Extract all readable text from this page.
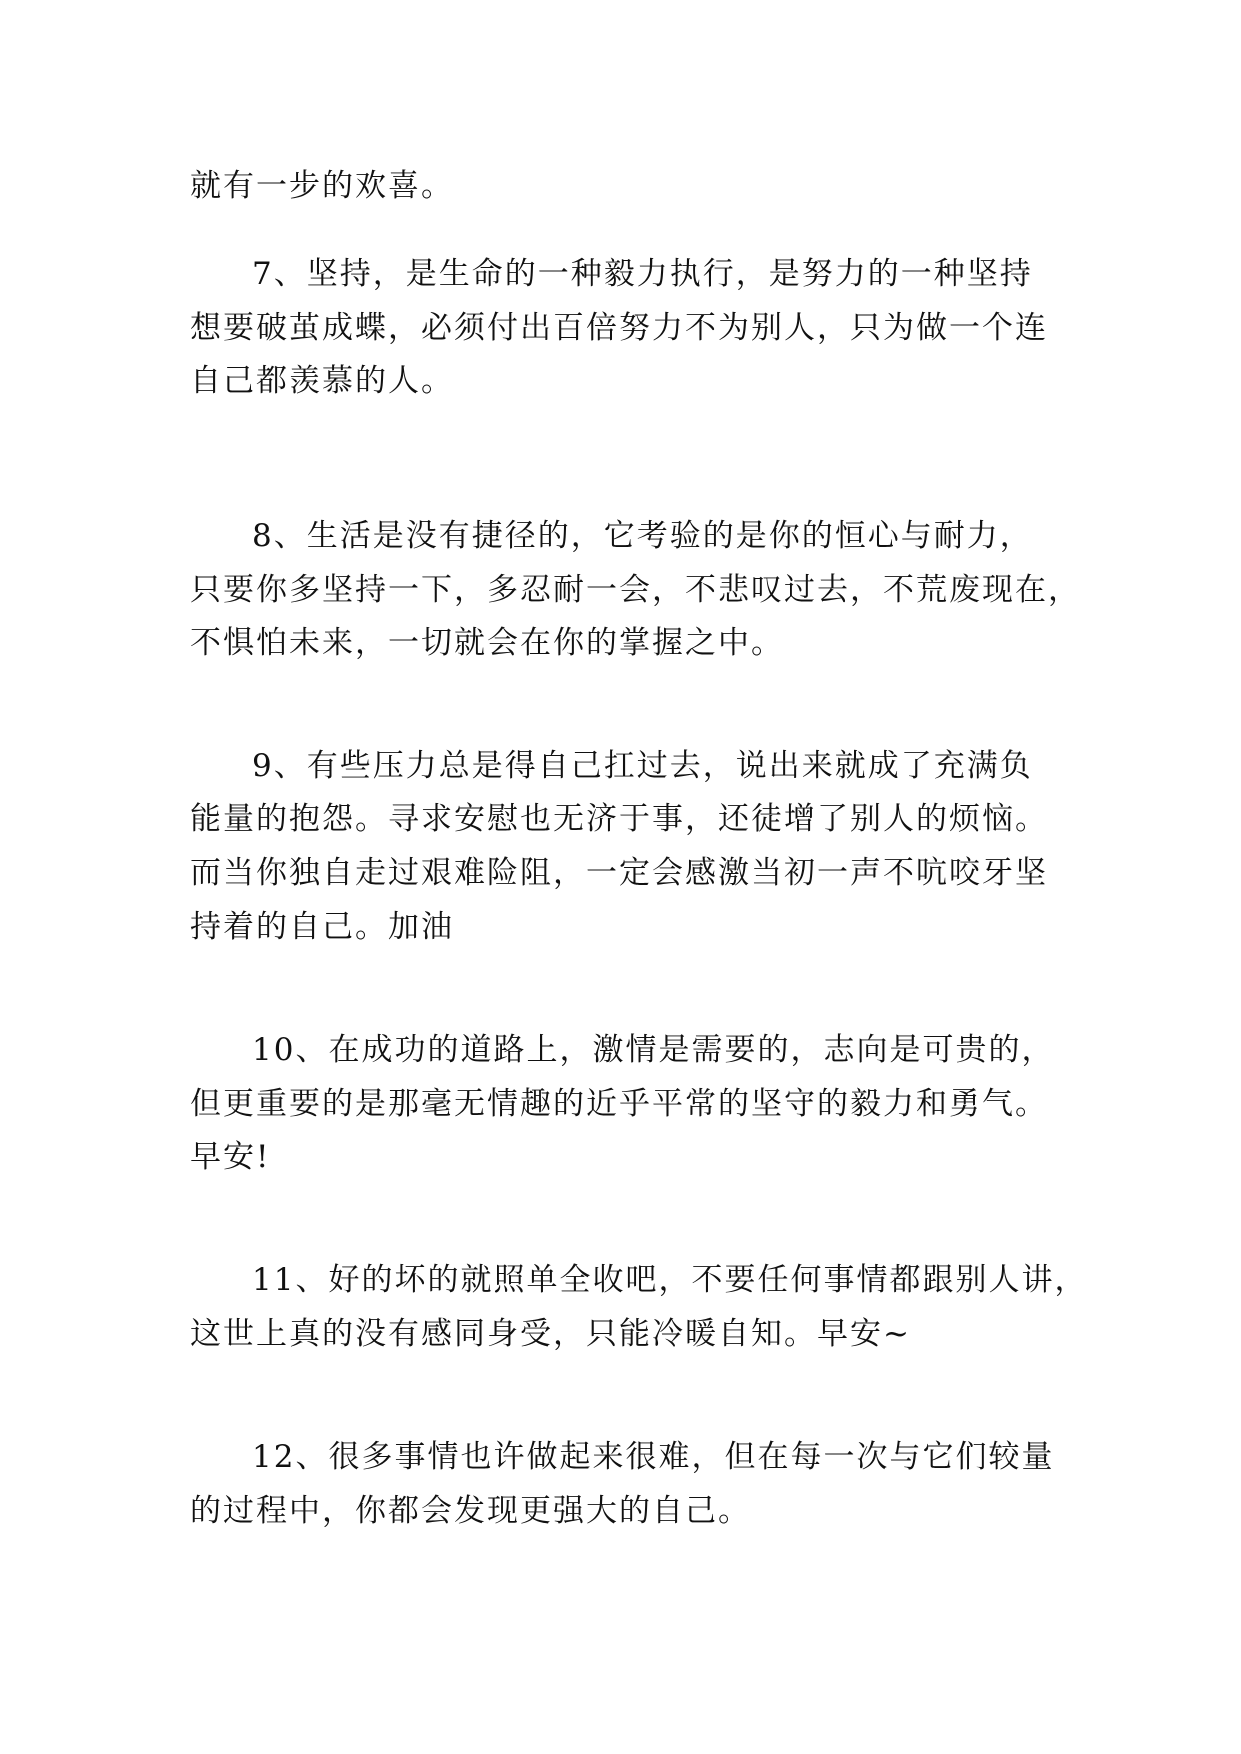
就有一步的欢喜。
7、坚持，是生命的一种毅力执行，是努力的一种坚持
想要破茧成蝶，必须付出百倍努力不为别人，只为做一个连
自己都羡慕的人。
8、生活是没有捷径的，它考验的是你的恒心与耐力，
只要你多坚持一下，多忍耐一会，不悲叹过去，不荒废现在，
不惧怕未来，一切就会在你的掌握之中。
9、有些压力总是得自己扛过去，说出来就成了充满负
能量的抱怨。寻求安慰也无济于事，还徒增了别人的烦恼。
而当你独自走过艰难险阻，一定会感激当初一声不吭咬牙坚
持着的自己。加油
10、在成功的道路上，激情是需要的，志向是可贵的，
但更重要的是那毫无情趣的近乎平常的坚守的毅力和勇气。
早安!
11、好的坏的就照单全收吧，不要任何事情都跟别人讲，
这世上真的没有感同身受，只能冷暖自知。早安~
12、很多事情也许做起来很难，但在每一次与它们较量
的过程中，你都会发现更强大的自己。
